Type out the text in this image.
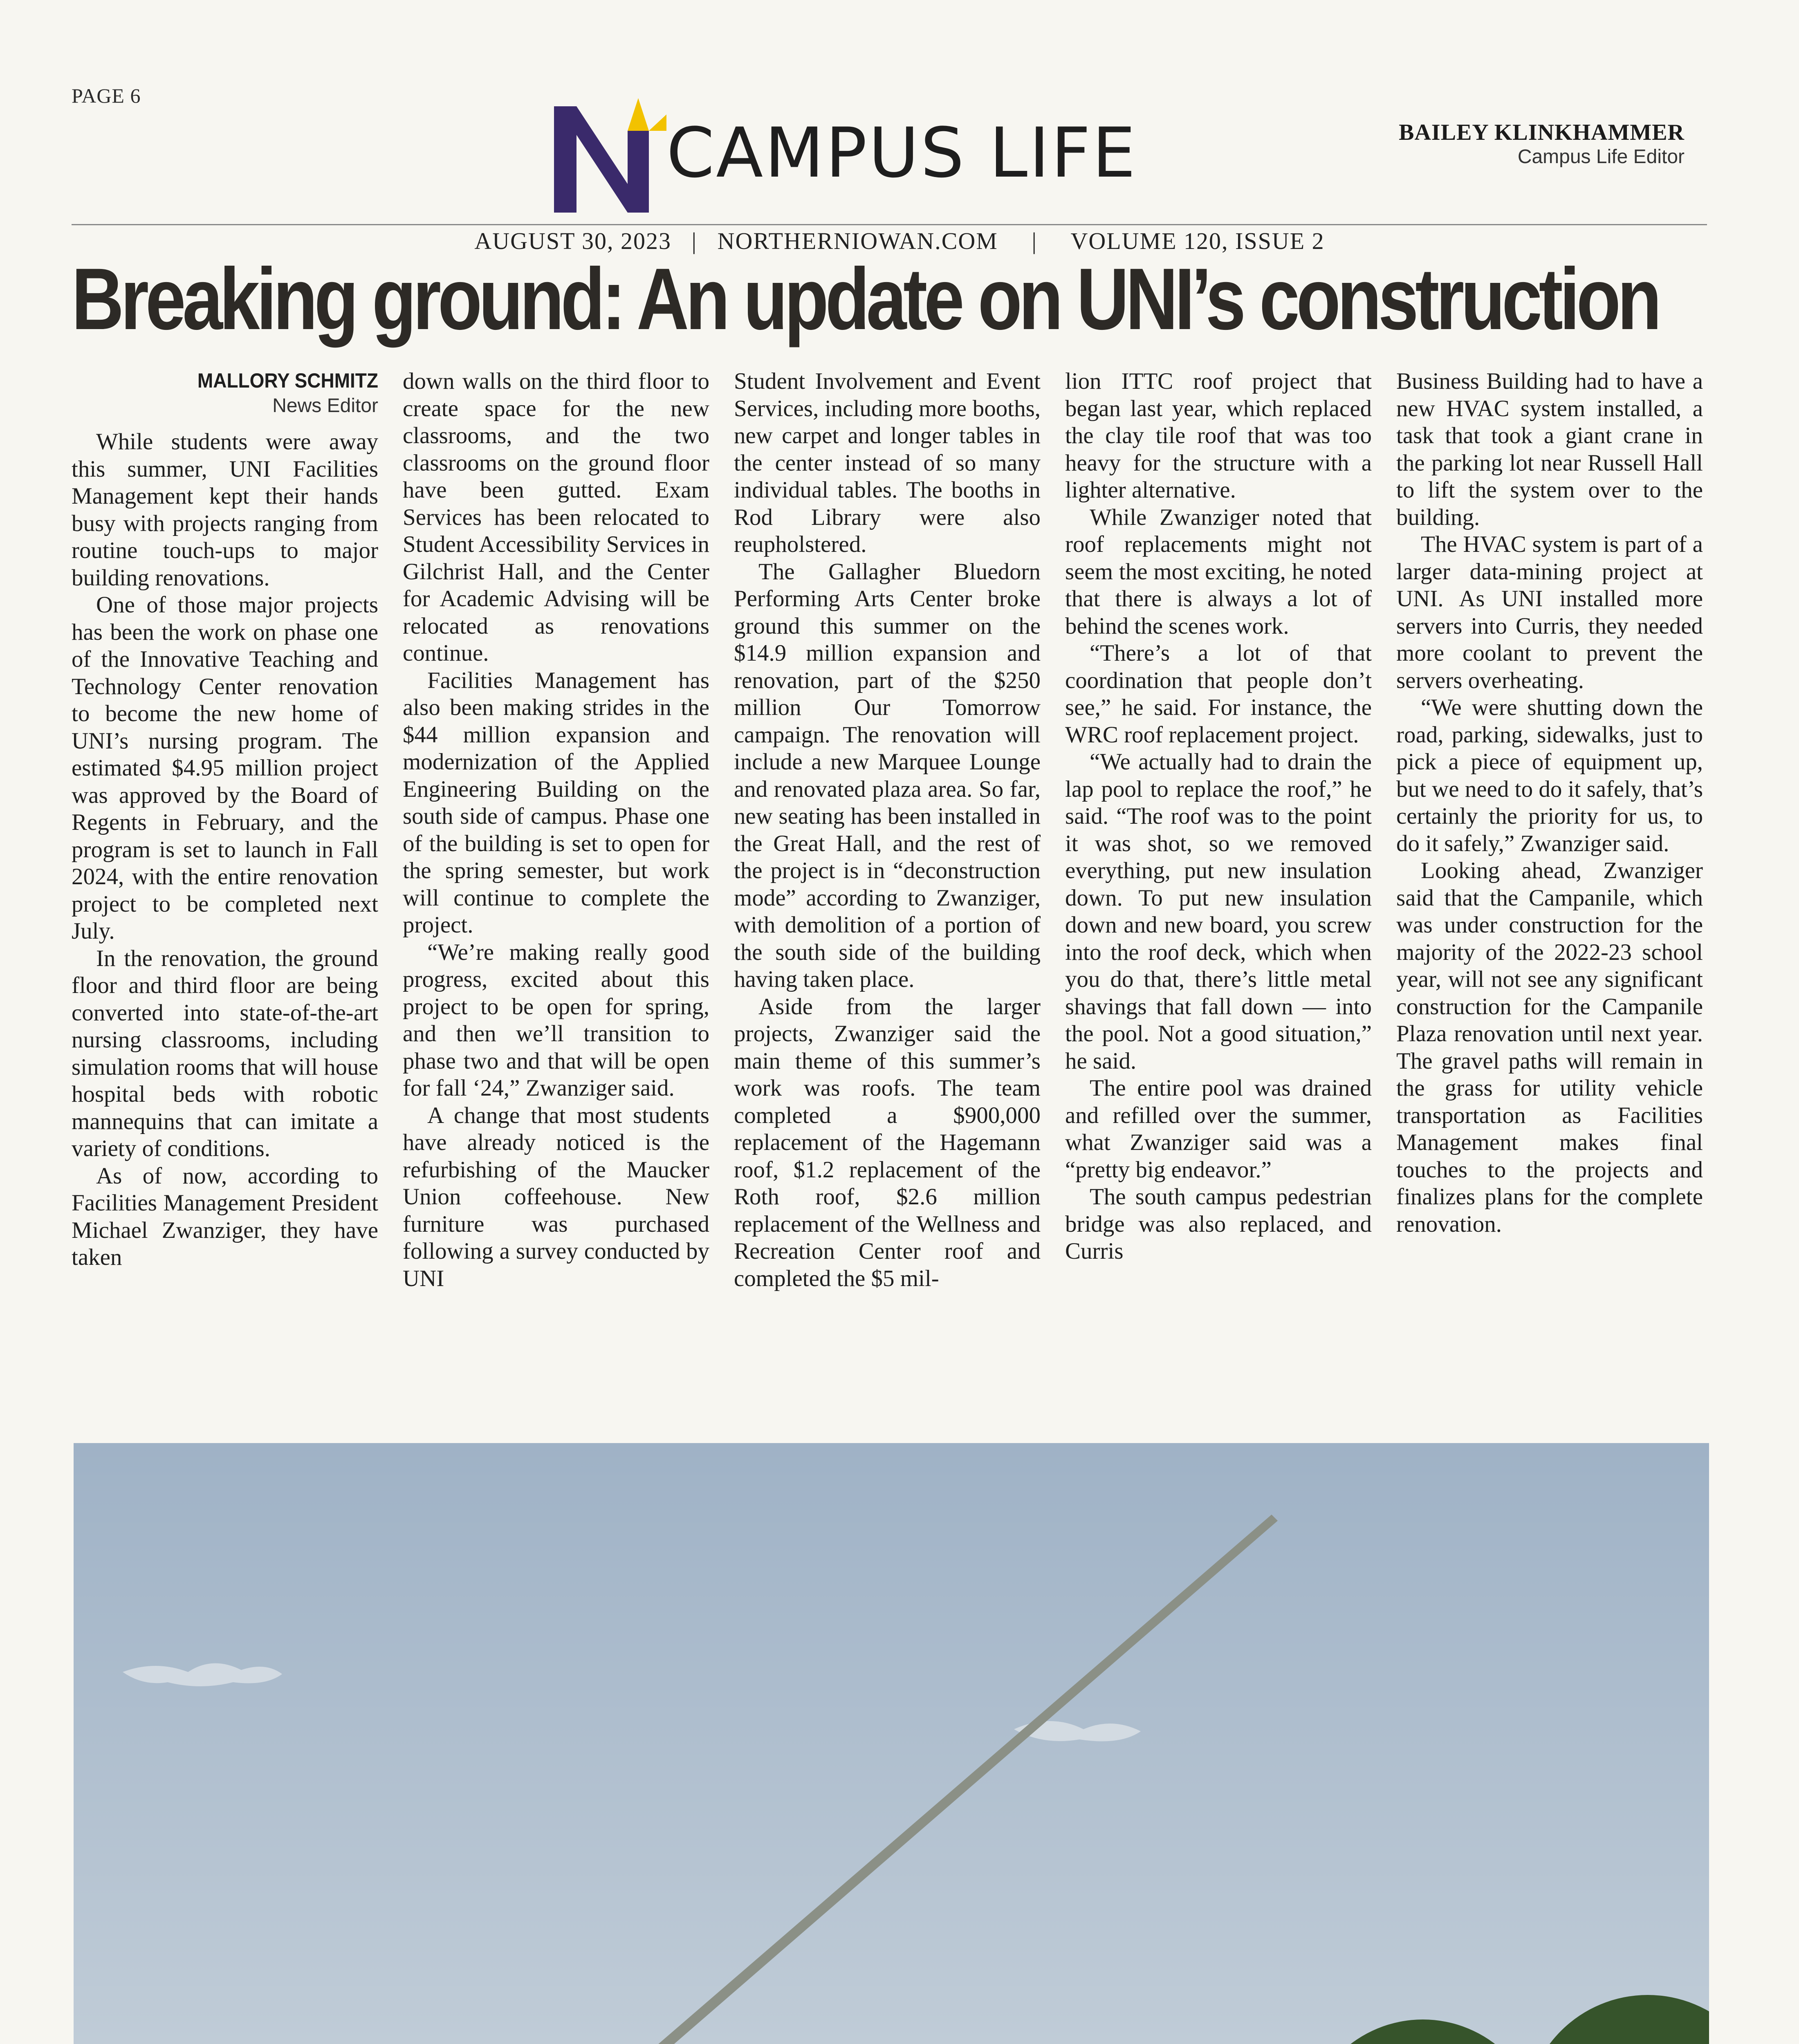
PAGE 6
CAMPUS LIFE	BAILEY KLINKHAMMER
Campus Life Editor
AUGUST 30, 2023 | NORTHERNIOWAN.COM | VOLUME 120, ISSUE 2
Breaking ground: An update on UNI’s construction
MALLORY SCHMITZ
News Editor

While students were away this summer, UNI Facilities Management kept their hands busy with projects ranging from routine touch-ups to major building renovations.

One of those major projects has been the work on phase one of the Innovative Teaching and Technology Center renovation to become the new home of UNI’s nursing program. The estimated $4.95 million project was approved by the Board of Regents in February, and the program is set to launch in Fall 2024, with the entire renovation project to be completed next July.

In the renovation, the ground floor and third floor are being converted into state-of-the-art nursing classrooms, including simulation rooms that will house hospital beds with robotic mannequins that can imitate a variety of conditions.

As of now, according to Facilities Management President Michael Zwanziger, they have taken

down walls on the third floor to create space for the new classrooms, and the two classrooms on the ground floor have been gutted. Exam Services has been relocated to Student Accessibility Services in Gilchrist Hall, and the Center for Academic Advising will be relocated as renovations continue.

Facilities Management has also been making strides in the $44 million expansion and modernization of the Applied Engineering Building on the south side of campus. Phase one of the building is set to open for the spring semester, but work will continue to complete the project.

“We’re making really good progress, excited about this project to be open for spring, and then we’ll transition to phase two and that will be open for fall ‘24,” Zwanziger said.

A change that most students have already noticed is the refurbishing of the Maucker Union coffeehouse. New furniture was purchased following a survey conducted by UNI

Student Involvement and Event Services, including more booths, new carpet and longer tables in the center instead of so many individual tables. The booths in Rod Library were also reupholstered.

The Gallagher Bluedorn Performing Arts Center broke ground this summer on the $14.9 million expansion and renovation, part of the $250 million Our Tomorrow campaign. The renovation will include a new Marquee Lounge and renovated plaza area. So far, new seating has been installed in the Great Hall, and the rest of the project is in “deconstruction mode” according to Zwanziger, with demolition of a portion of the south side of the building having taken place.

Aside from the larger projects, Zwanziger said the main theme of this summer’s work was roofs. The team completed a $900,000 replacement of the Hagemann roof, $1.2 replacement of the Roth roof, $2.6 million replacement of the Wellness and Recreation Center roof and completed the $5 mil-

lion ITTC roof project that began last year, which replaced the clay tile roof that was too heavy for the structure with a lighter alternative.

While Zwanziger noted that roof replacements might not seem the most exciting, he noted that there is always a lot of behind the scenes work.

“There’s a lot of that coordination that people don’t see,” he said. For instance, the WRC roof replacement project.

“We actually had to drain the lap pool to replace the roof,” he said. “The roof was to the point it was shot, so we removed everything, put new insulation down. To put new insulation down and new board, you screw into the roof deck, which when you do that, there’s little metal shavings that fall down — into the pool. Not a good situation,” he said.

The entire pool was drained and refilled over the summer, what Zwanziger said was a “pretty big endeavor.”

The south campus pedestrian bridge was also replaced, and Curris

Business Building had to have a new HVAC system installed, a task that took a giant crane in the parking lot near Russell Hall to lift the system over to the building.

The HVAC system is part of a larger data-mining project at UNI. As UNI installed more servers into Curris, they needed more coolant to prevent the servers overheating.

“We were shutting down the road, parking, sidewalks, just to pick a piece of equipment up, but we need to do it safely, that’s certainly the priority for us, to do it safely,” Zwanziger said.

Looking ahead, Zwanziger said that the Campanile, which was under construction for the majority of the 2022-23 school year, will not see any significant construction for the Campanile Plaza renovation until next year. The gravel paths will remain in the grass for utility vehicle transportation as Facilities Management makes final touches to the projects and finalizes plans for the complete renovation.
